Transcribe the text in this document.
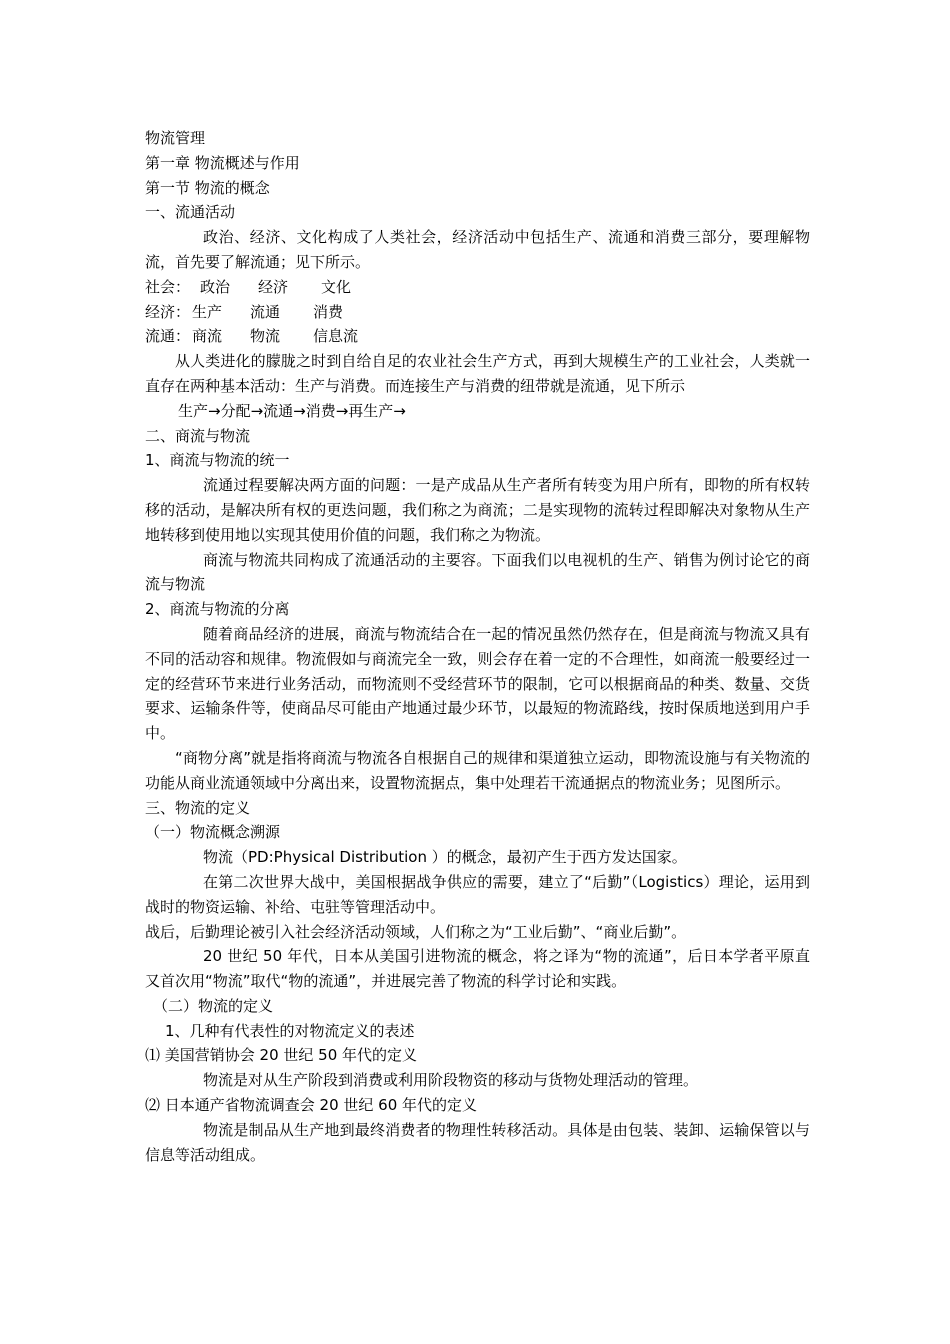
物流管理
第一章 物流概述与作用
第一节 物流的概念
一、流通活动
政治、经济、文化构成了人类社会，经济活动中包括生产、流通和消费三部分，要理解物流，首先要了解流通；见下所示。
社会： 政治 经济 文化
经济： 生产 流通 消费
流通： 商流 物流 信息流
从人类进化的朦胧之时到自给自足的农业社会生产方式，再到大规模生产的工业社会，人类就一直存在两种基本活动：生产与消费。而连接生产与消费的纽带就是流通，见下所示
生产→分配→流通→消费→再生产→
二、商流与物流
1、商流与物流的统一
流通过程要解决两方面的问题：一是产成品从生产者所有转变为用户所有，即物的所有权转移的活动，是解决所有权的更迭问题，我们称之为商流；二是实现物的流转过程即解决对象物从生产地转移到使用地以实现其使用价值的问题，我们称之为物流。
商流与物流共同构成了流通活动的主要容。下面我们以电视机的生产、销售为例讨论它的商流与物流
2、商流与物流的分离
随着商品经济的进展，商流与物流结合在一起的情况虽然仍然存在，但是商流与物流又具有不同的活动容和规律。物流假如与商流完全一致，则会存在着一定的不合理性，如商流一般要经过一定的经营环节来进行业务活动，而物流则不受经营环节的限制，它可以根据商品的种类、数量、交货要求、运输条件等，使商品尽可能由产地通过最少环节，以最短的物流路线，按时保质地送到用户手中。
“商物分离”就是指将商流与物流各自根据自己的规律和渠道独立运动，即物流设施与有关物流的功能从商业流通领域中分离出来，设置物流据点，集中处理若干流通据点的物流业务；见图所示。
三、物流的定义
（一）物流概念溯源
物流（PD:Physical Distribution ）的概念，最初产生于西方发达国家。
在第二次世界大战中，美国根据战争供应的需要，建立了“后勤”（Logistics）理论，运用到战时的物资运输、补给、屯驻等管理活动中。
战后，后勤理论被引入社会经济活动领域，人们称之为“工业后勤”、“商业后勤”。
20 世纪 50 年代，日本从美国引进物流的概念，将之译为“物的流通”，后日本学者平原直又首次用“物流”取代“物的流通”，并进展完善了物流的科学讨论和实践。
（二）物流的定义
1、几种有代表性的对物流定义的表述
⑴ 美国营销协会 20 世纪 50 年代的定义
物流是对从生产阶段到消费或利用阶段物资的移动与货物处理活动的管理。
⑵ 日本通产省物流调查会 20 世纪 60 年代的定义
物流是制品从生产地到最终消费者的物理性转移活动。具体是由包装、装卸、运输保管以与信息等活动组成。
